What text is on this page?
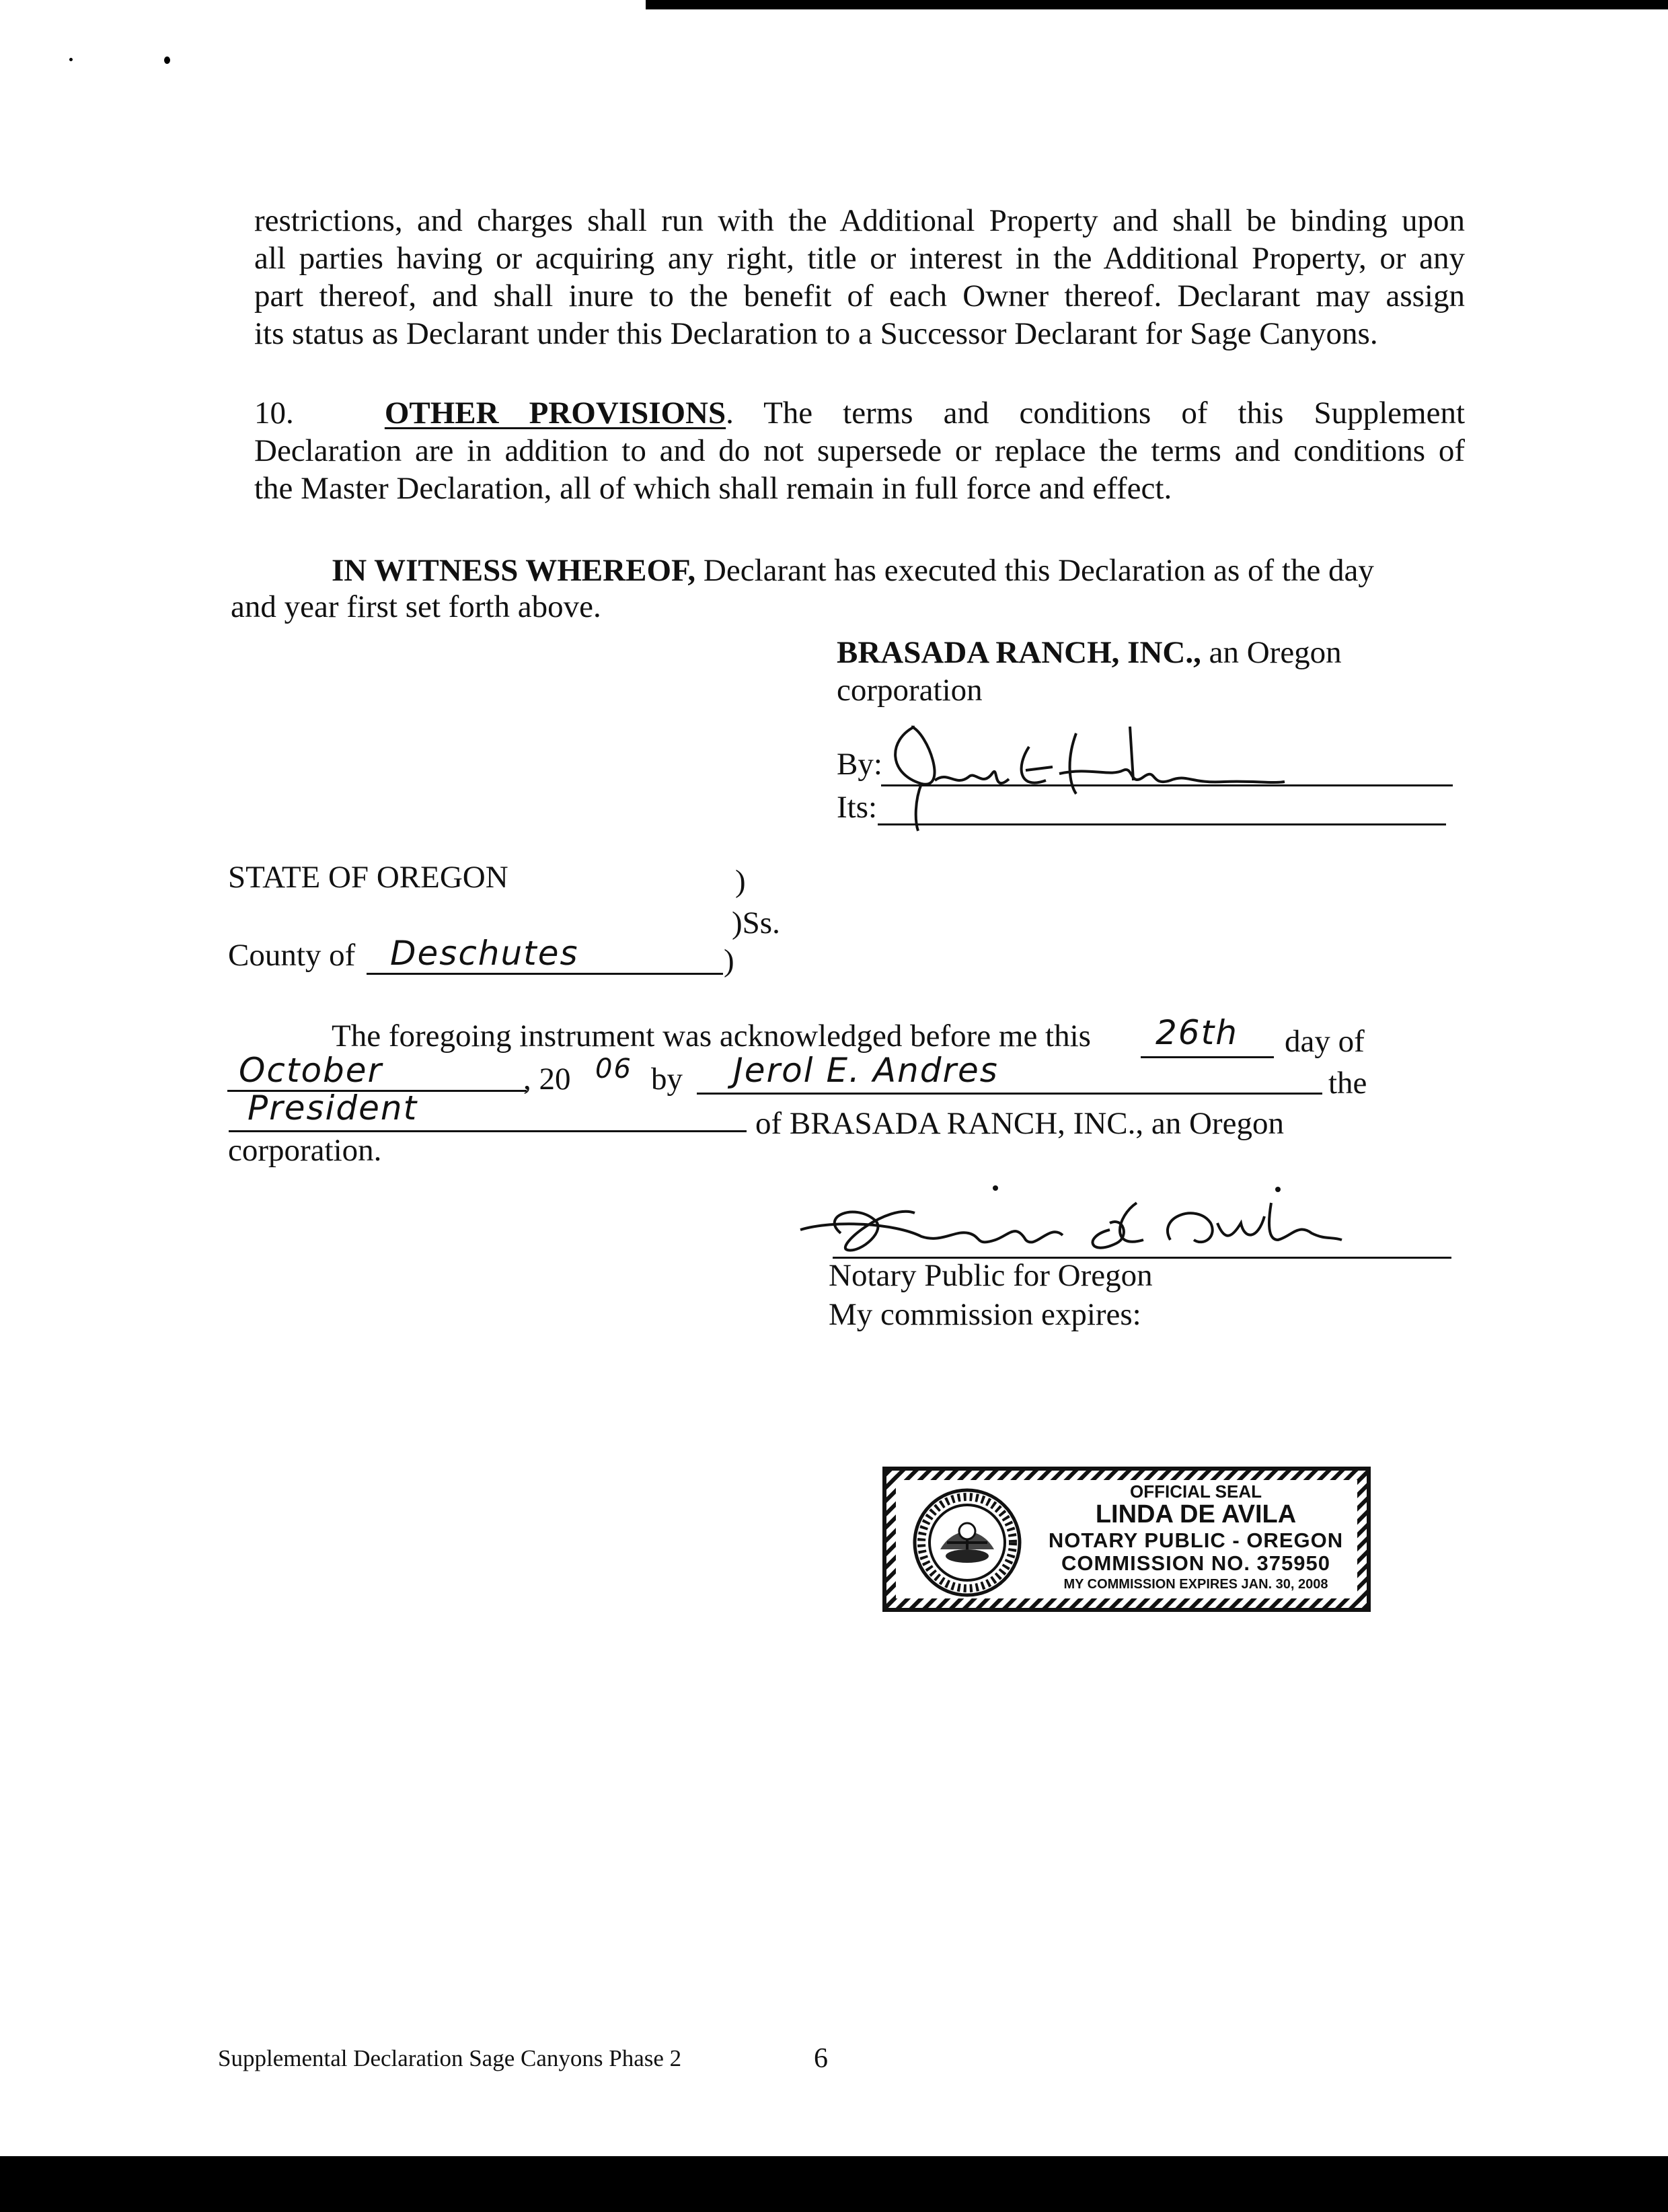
restrictions, and charges shall run with the Additional Property and shall be binding upon
all parties having or acquiring any right, title or interest in the Additional Property, or any
part thereof, and shall inure to the benefit of each Owner thereof. Declarant may assign
its status as Declarant under this Declaration to a Successor Declarant for Sage Canyons.
10.	OTHER PROVISIONS. The terms and conditions of this Supplement
Declaration are in addition to and do not supersede or replace the terms and conditions of
the Master Declaration, all of which shall remain in full force and effect.
IN WITNESS WHEREOF, Declarant has executed this Declaration as of the day
and year first set forth above.
BRASADA RANCH, INC., an Oregon
corporation
By:
Its:
STATE OF OREGON	)
)Ss.
County of Deschutes	)
The foregoing instrument was acknowledged before me this 26th day of
October	, 20 06 by Jerol E. Andres	the
President	of BRASADA RANCH, INC., an Oregon
corporation.
Notary Public for Oregon
My commission expires:
OFFICIAL SEAL
LINDA DE AVILA
NOTARY PUBLIC - OREGON
COMMISSION NO. 375950
MY COMMISSION EXPIRES JAN. 30, 2008
Supplemental Declaration Sage Canyons Phase 2	6
